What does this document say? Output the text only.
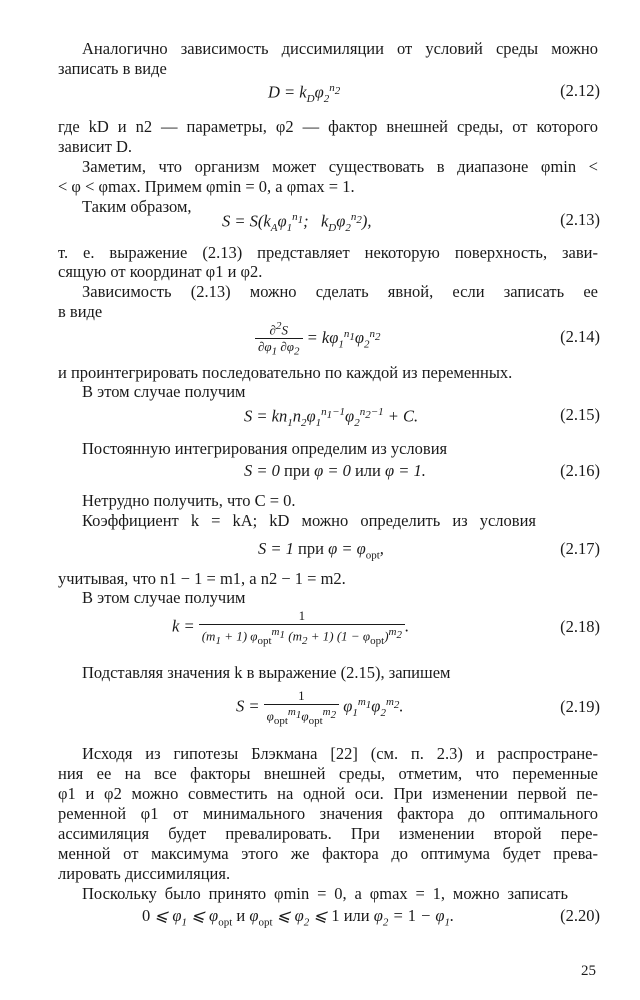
Аналогично зависимость диссимиляции от условий среды можно
записать в виде
$D = k_D\varphi_2^{n_2}$	(2.12)
где kD и n2 — параметры, φ2 — фактор внешней среды, от которого
зависит D.
Заметим, что организм может существовать в диапазоне φmin <
< φ < φmax. Примем φmin = 0, а φmax = 1.
Таким образом,
$S = S(k_A\varphi_1^{n_1}$;   $k_D\varphi_2^{n_2}$),	(2.13)
т. е. выражение (2.13) представляет некоторую поверхность, зави-
сящую от координат φ1 и φ2.
Зависимость (2.13) можно сделать явной, если записать ее
в виде
$\frac{\partial^2S}{\partial\varphi_1 \partial\varphi_2} = k\varphi_1^{n_1}\varphi_2^{n_2}$	(2.14)
и проинтегрировать последовательно по каждой из переменных.
В этом случае получим
$S = kn_1n_2\varphi_1^{n_1-1}\varphi_2^{n_2-1} + C$.	(2.15)
Постоянную интегрирования определим из условия
S = 0 при φ = 0 или φ = 1.	(2.16)
Нетрудно получить, что C = 0.
Коэффициент k = kA; kD можно определить из условия
S = 1 при $\varphi = \varphi_{opt}$,	(2.17)
учитывая, что n1 − 1 = m1, а n2 − 1 = m2.
В этом случае получим
$k = \frac{1}{(m_1 + 1) \varphi_{opt}^{m_1} (m_2 + 1) (1 - \varphi_{opt})^{m_2}}$ .	(2.18)
Подставляя значения k в выражение (2.15), запишем
$S = \frac{1}{\varphi_{opt}^{m_1}\varphi_{opt}^{m_2}} \varphi_1^{m_1}\varphi_2^{m_2}$.	(2.19)
Исходя из гипотезы Блэкмана [22] (см. п. 2.3) и распростране-
ния ее на все факторы внешней среды, отметим, что переменные
φ1 и φ2 можно совместить на одной оси. При изменении первой пе-
ременной φ1 от минимального значения фактора до оптимального
ассимиляция будет превалировать. При изменении второй пере-
менной от максимума этого же фактора до оптимума будет прева-
лировать диссимиляция.
Поскольку было принято φmin = 0, а φmax = 1, можно записать
0 ⩽ $\varphi_1$ ⩽ $\varphi_{opt}$ и $\varphi_{opt}$ ⩽ $\varphi_2$ ⩽ 1 или $\varphi_2 = 1 - \varphi_1$.	(2.20)
25
